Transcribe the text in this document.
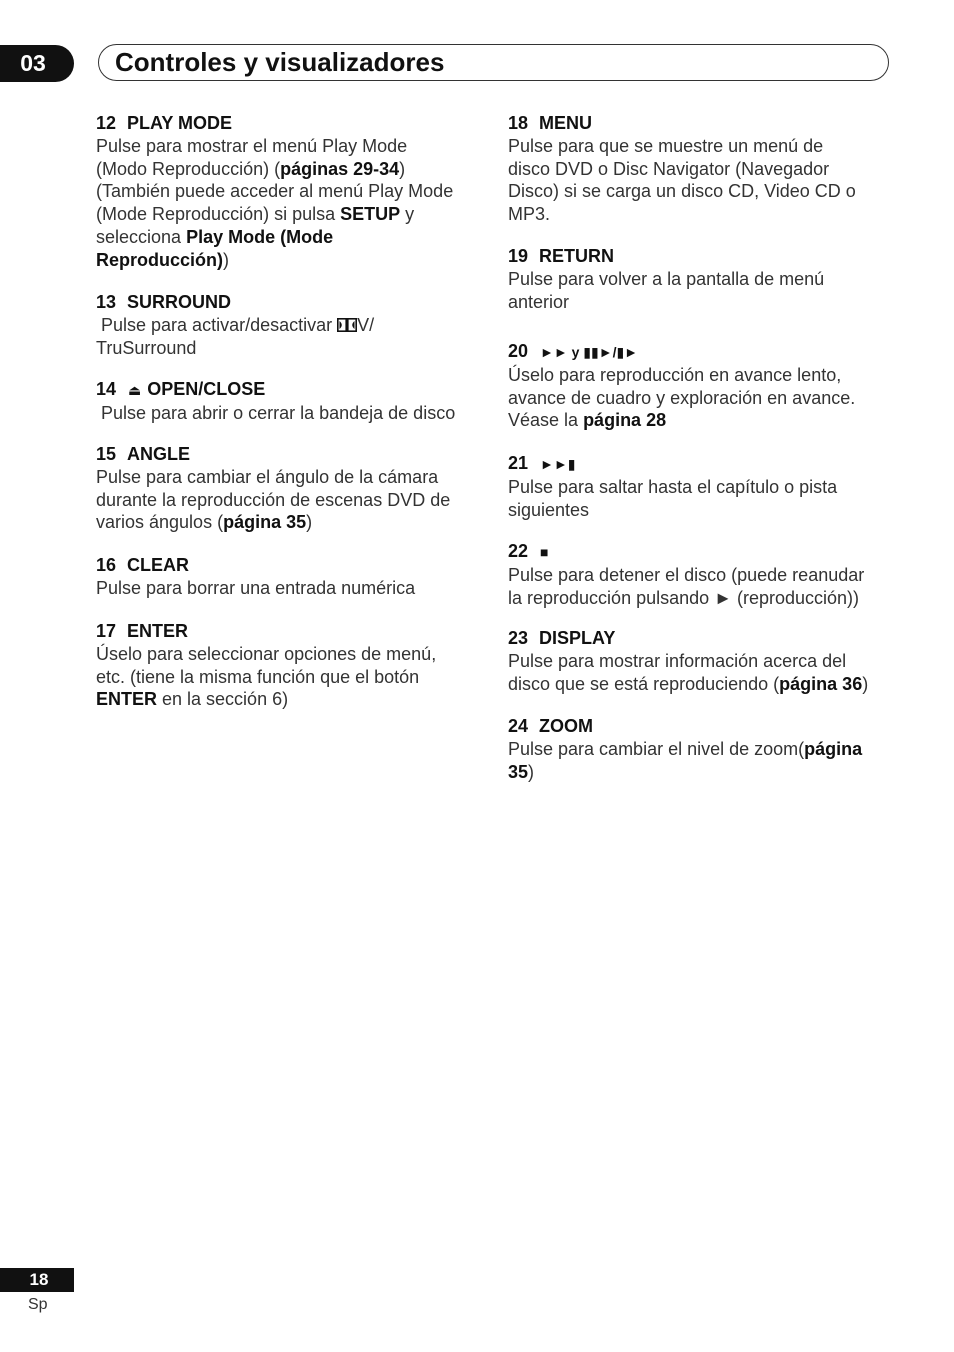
03	Controles y visualizadores
12 PLAY MODE

Pulse para mostrar el menú Play Mode

(Modo Reproducción) (páginas 29-34)

(También puede acceder al menú Play Mode

(Mode Reproducción) si pulsa SETUP y

selecciona Play Mode (Mode

Reproducción))

13 SURROUND

Pulse para activar/desactivar V/

TruSurround

14 ⏏ OPEN/CLOSE

Pulse para abrir o cerrar la bandeja de disco

15 ANGLE

Pulse para cambiar el ángulo de la cámara

durante la reproducción de escenas DVD de

varios ángulos (página 35)

16 CLEAR

Pulse para borrar una entrada numérica

17 ENTER

Úselo para seleccionar opciones de menú,

etc. (tiene la misma función que el botón

ENTER en la sección 6)

18 MENU

Pulse para que se muestre un menú de

disco DVD o Disc Navigator (Navegador

Disco) si se carga un disco CD, Video CD o

MP3.

19 RETURN

Pulse para volver a la pantalla de menú

anterior

20 ►► y ▮▮►/▮►

Úselo para reproducción en avance lento,

avance de cuadro y exploración en avance.

Véase la página 28

21 ►►▮

Pulse para saltar hasta el capítulo o pista

siguientes

22 ■

Pulse para detener el disco (puede reanudar

la reproducción pulsando ► (reproducción))

23 DISPLAY

Pulse para mostrar información acerca del

disco que se está reproduciendo (página 36)

24 ZOOM

Pulse para cambiar el nivel de zoom(página

35)

18
Sp
